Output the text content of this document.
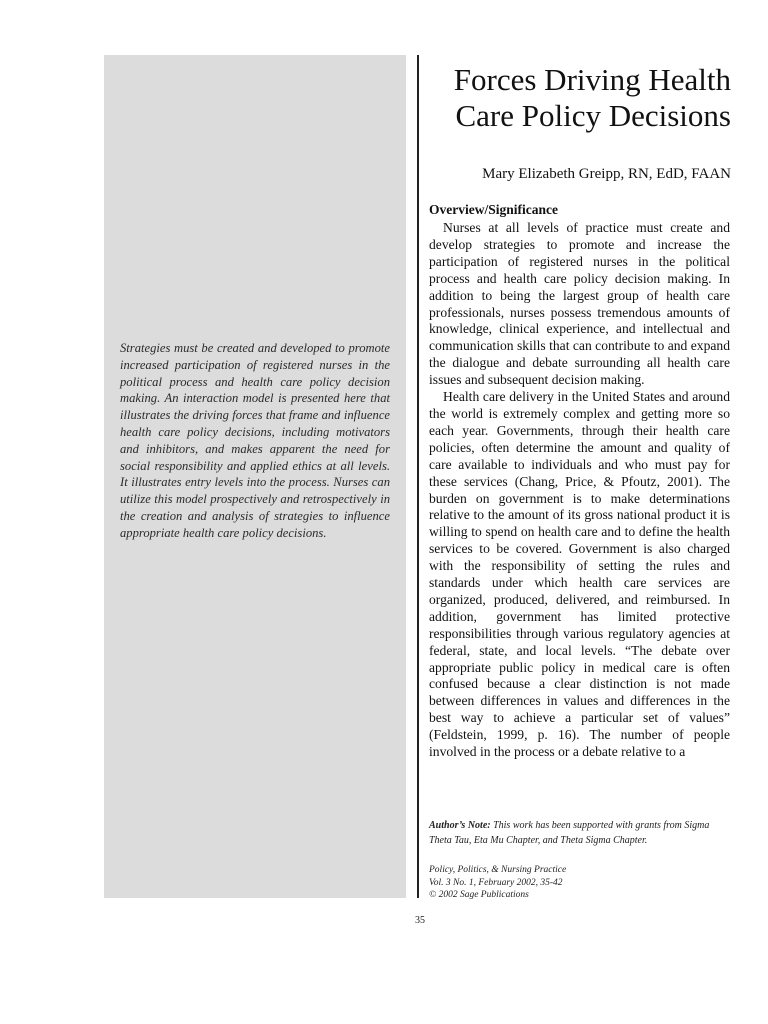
Strategies must be created and developed to promote increased participation of registered nurses in the political process and health care policy decision making. An interaction model is presented here that illustrates the driving forces that frame and influence health care policy decisions, including motivators and inhibitors, and makes apparent the need for social responsibility and applied ethics at all levels. It illustrates entry levels into the process. Nurses can utilize this model prospectively and retrospectively in the creation and analysis of strategies to influence appropriate health care policy decisions.

Forces Driving Health Care Policy Decisions

Mary Elizabeth Greipp, RN, EdD, FAAN

Overview/Significance

Nurses at all levels of practice must create and develop strategies to promote and increase the participation of registered nurses in the political process and health care policy decision making. In addition to being the largest group of health care professionals, nurses possess tremendous amounts of knowledge, clinical experience, and intellectual and communication skills that can contribute to and expand the dialogue and debate surrounding all health care issues and subsequent decision making.

Health care delivery in the United States and around the world is extremely complex and getting more so each year. Governments, through their health care policies, often determine the amount and quality of care available to individuals and who must pay for these services (Chang, Price, & Pfoutz, 2001). The burden on government is to make determinations relative to the amount of its gross national product it is willing to spend on health care and to define the health services to be covered. Government is also charged with the responsibility of setting the rules and standards under which health care services are organized, produced, delivered, and reimbursed. In addition, government has limited protective responsibilities through various regulatory agencies at federal, state, and local levels. “The debate over appropriate public policy in medical care is often confused because a clear distinction is not made between differences in values and differences in the best way to achieve a particular set of values” (Feldstein, 1999, p. 16). The number of people involved in the process or a debate relative to a

Author’s Note: This work has been supported with grants from Sigma Theta Tau, Eta Mu Chapter, and Theta Sigma Chapter.

Policy, Politics, & Nursing Practice
Vol. 3 No. 1, February 2002, 35-42
© 2002 Sage Publications
35
